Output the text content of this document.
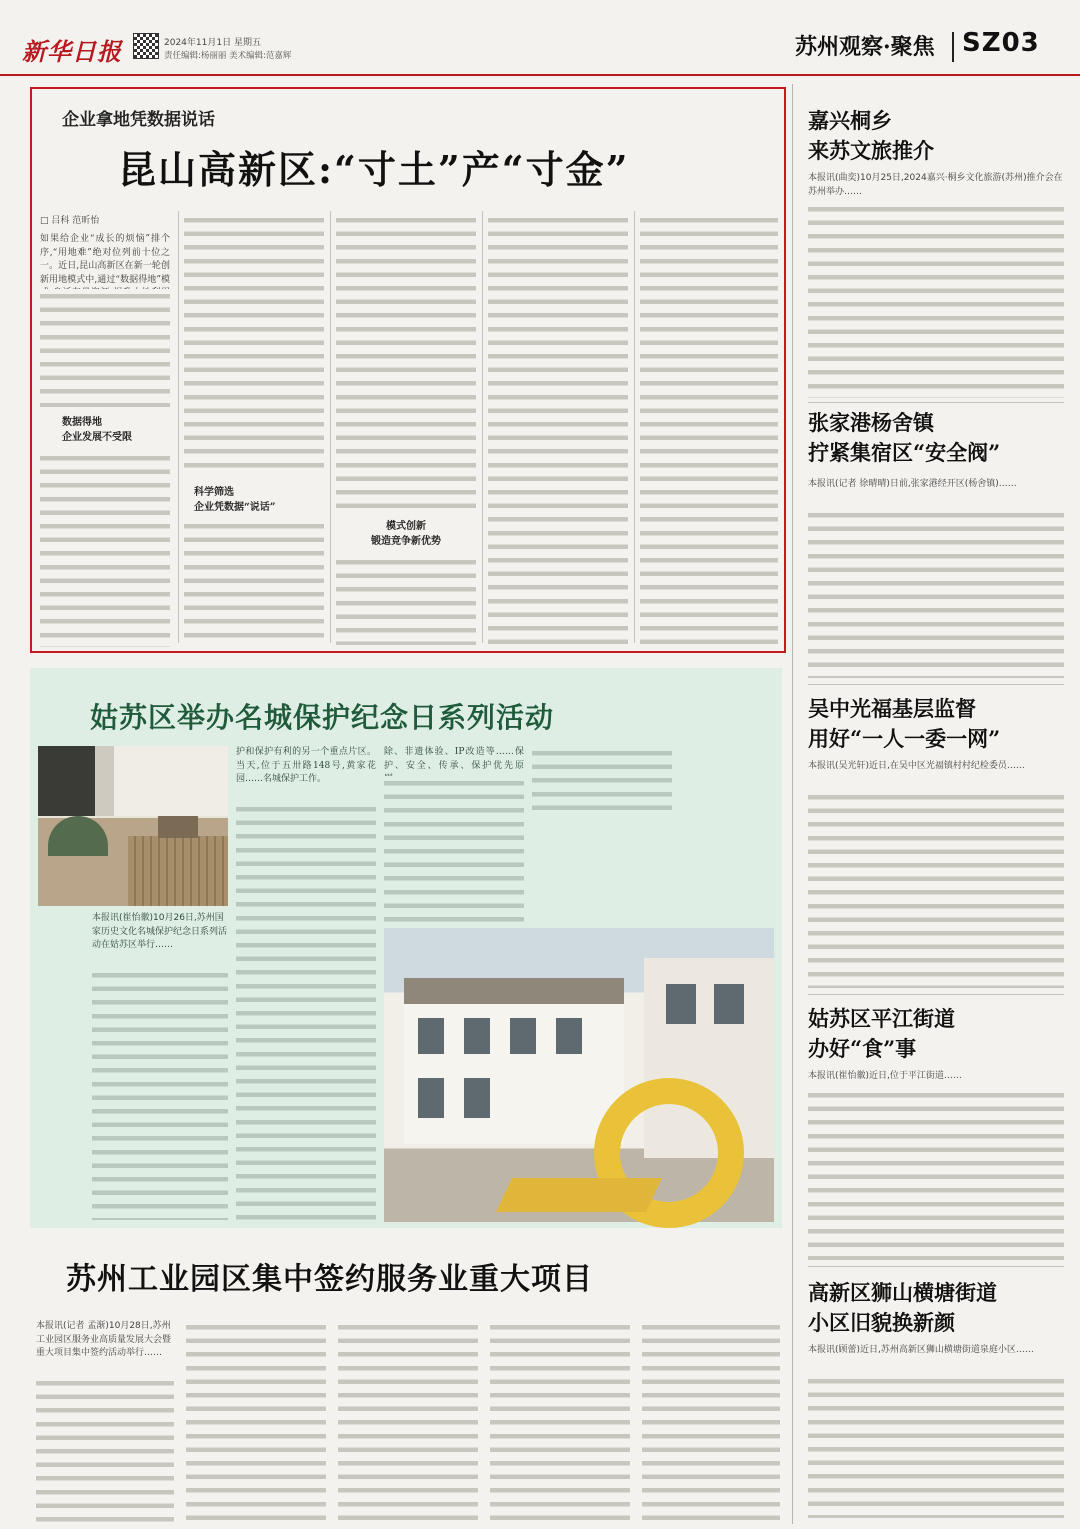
新华日报	2024年11月1日 星期五
责任编辑:杨丽丽 美术编辑:范嘉辉	苏州观察·聚焦 SZ03
企业拿地凭数据说话
昆山高新区:“寸土”产“寸金”
□ 吕科 范昕怡
如果给企业“成长的烦恼”排个序,“用地难”绝对位列前十位之一。近日,昆山高新区在新一轮创新用地模式中,通过“数据得地”模
数据得地
企业发展不受限
科学筛选
企业凭数据“说话”
模式创新
锻造竞争新优势
姑苏区举办名城保护纪念日系列活动
本报讯(崔怡徽)10月26日,苏州国家历史文化名城保护纪念日系列活动在姑苏区举行……
护和保护有利的另一个重点片区。当天,位于五卅路148号,黄家花园……名城保护工作。
除、非遗体验、IP改造等……保护、安全、传承、保护优先原
苏州工业园区集中签约服务业重大项目
本报讯(记者 孟渐)10月28日,苏州工业园区服务业高质量发展大会暨重大项目集中签约活动举行……
嘉兴桐乡
来苏文旅推介
本报讯(曲奕)10月25日,2024嘉兴·桐乡文化旅游(苏州)推介会在苏州举办……
张家港杨舍镇
拧紧集宿区“安全阀”
本报讯(记者 徐晴晴)日前,张家港经开区(杨舍镇)……
吴中光福基层监督
用好“一人一委一网”
本报讯(吴光轩)近日,在吴中区光福镇村村纪检委员……
姑苏区平江街道
办好“食”事
本报讯(崔怡徽)近日,位于平江街道……
高新区狮山横塘街道
小区旧貌换新颜
本报讯(顾蕾)近日,苏州高新区狮山横塘街道泉庭小区……
